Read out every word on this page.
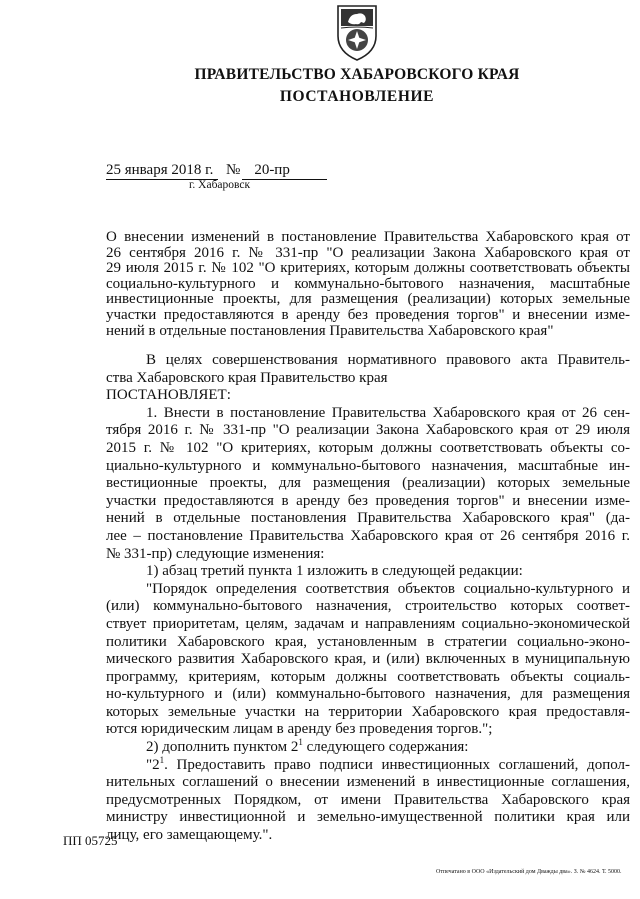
ПРАВИТЕЛЬСТВО ХАБАРОВСКОГО КРАЯ
ПОСТАНОВЛЕНИЕ
25 января 2018 г. № 20-пр
г. Хабаровск
О внесении изменений в постановление Правительства Хабаровского края от
26 сентября 2016 г. № 331-пр "О реализации Закона Хабаровского края от
29 июля 2015 г. № 102 "О критериях, которым должны соответствовать объекты
социально-культурного и коммунально-бытового назначения, масштабные
инвестиционные проекты, для размещения (реализации) которых земельные
участки предоставляются в аренду без проведения торгов" и внесении изме-
нений в отдельные постановления Правительства Хабаровского края"
В целях совершенствования нормативного правового акта Правитель-
ства Хабаровского края Правительство края
ПОСТАНОВЛЯЕТ:
1. Внести в постановление Правительства Хабаровского края от 26 сен-
тября 2016 г. № 331-пр "О реализации Закона Хабаровского края от 29 июля
2015 г. № 102 "О критериях, которым должны соответствовать объекты со-
циально-культурного и коммунально-бытового назначения, масштабные ин-
вестиционные проекты, для размещения (реализации) которых земельные
участки предоставляются в аренду без проведения торгов" и внесении изме-
нений в отдельные постановления Правительства Хабаровского края" (да-
лее – постановление Правительства Хабаровского края от 26 сентября 2016 г.
№ 331-пр) следующие изменения:
1) абзац третий пункта 1 изложить в следующей редакции:
"Порядок определения соответствия объектов социально-культурного и
(или) коммунально-бытового назначения, строительство которых соответ-
ствует приоритетам, целям, задачам и направлениям социально-экономической
политики Хабаровского края, установленным в стратегии социально-эконо-
мического развития Хабаровского края, и (или) включенных в муниципальную
программу, критериям, которым должны соответствовать объекты социаль-
но-культурного и (или) коммунально-бытового назначения, для размещения
которых земельные участки на территории Хабаровского края предоставля-
ются юридическим лицам в аренду без проведения торгов.";
2) дополнить пунктом $2^1$ следующего содержания:
"$2^1$. Предоставить право подписи инвестиционных соглашений, допол-
нительных соглашений о внесении изменений в инвестиционные соглашения,
предусмотренных Порядком, от имени Правительства Хабаровского края
министру инвестиционной и земельно-имущественной политики края или
лицу, его замещающему.".
ПП 05725
Отпечатано в ООО «Издательский дом Дважды два». З. № 4624. Т. 5000.
